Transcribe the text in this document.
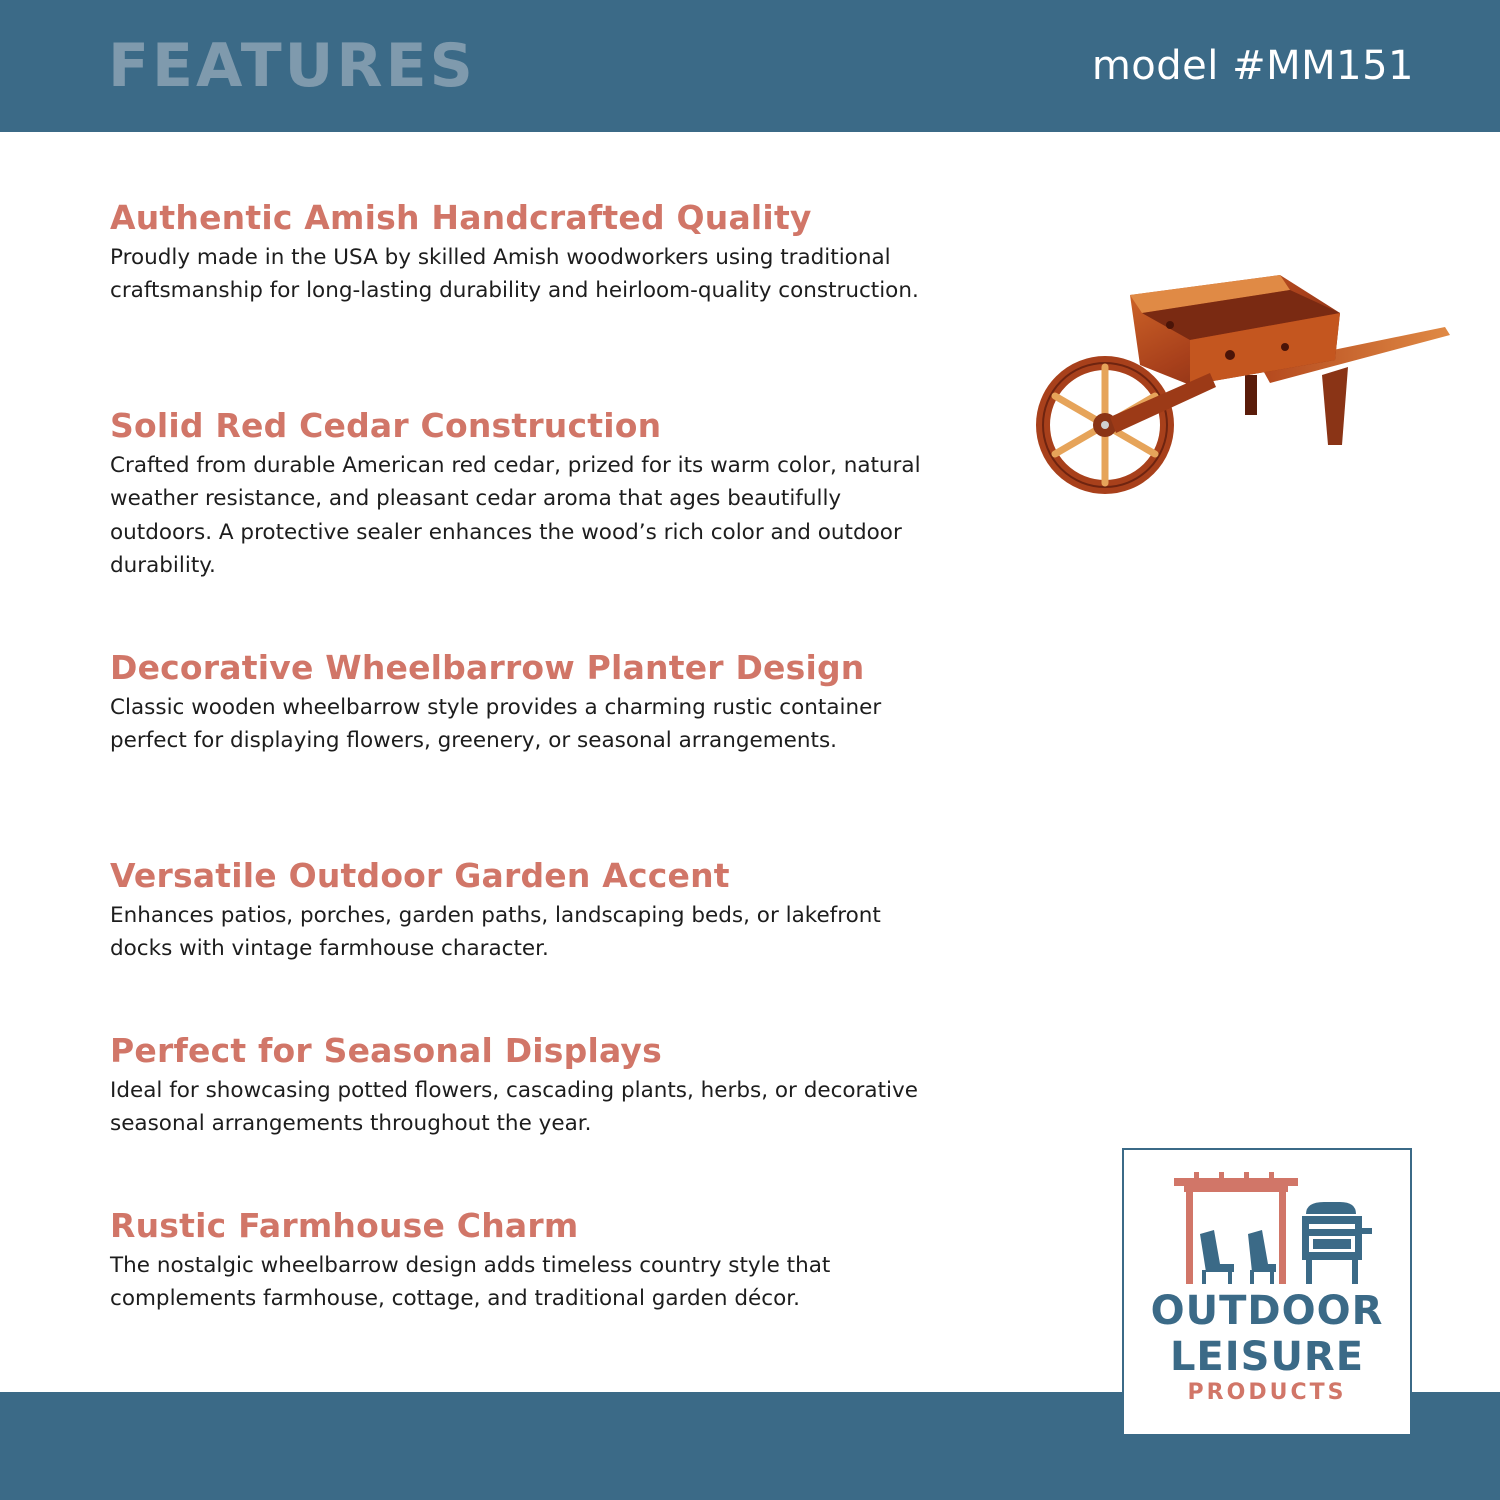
FEATURES	model #MM151
Authentic Amish Handcrafted Quality

Proudly made in the USA by skilled Amish woodworkers using traditional craftsmanship for long-lasting durability and heirloom-quality construction.

Solid Red Cedar Construction

Crafted from durable American red cedar, prized for its warm color, natural weather resistance, and pleasant cedar aroma that ages beautifully outdoors. A protective sealer enhances the wood’s rich color and outdoor durability.

Decorative Wheelbarrow Planter Design

Classic wooden wheelbarrow style provides a charming rustic container perfect for displaying flowers, greenery, or seasonal arrangements.

Versatile Outdoor Garden Accent

Enhances patios, porches, garden paths, landscaping beds, or lakefront docks with vintage farmhouse character.

Perfect for Seasonal Displays

Ideal for showcasing potted flowers, cascading plants, herbs, or decorative seasonal arrangements throughout the year.

Rustic Farmhouse Charm

The nostalgic wheelbarrow design adds timeless country style that complements farmhouse, cottage, and traditional garden décor.	OUTDOOR
LEISURE
PRODUCTS
